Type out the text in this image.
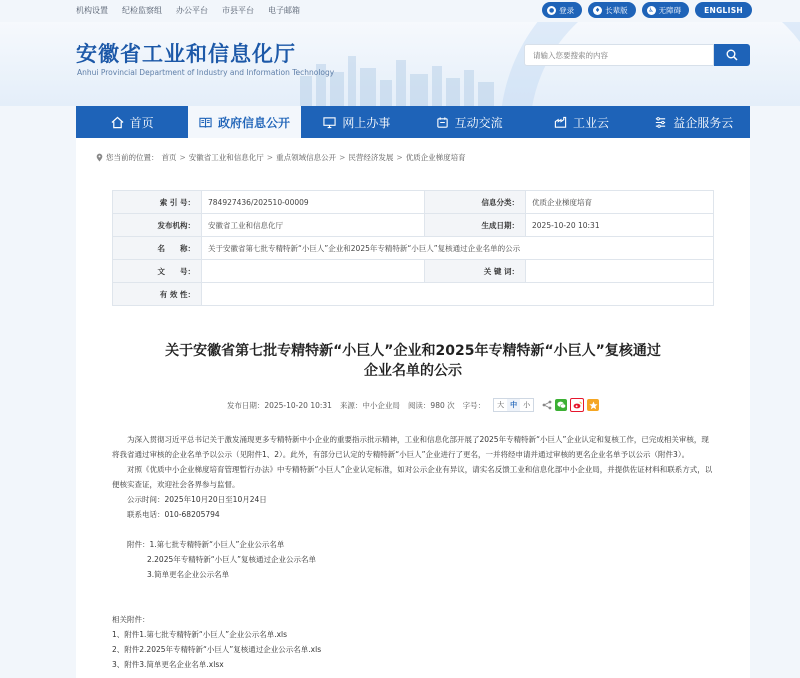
机构设置 纪检监察组 办公平台 市县平台 电子邮箱	● 登录	♦ 长辈版	♿ 无障碍	ENGLISH
安徽省工业和信息化厅
Anhui Provincial Department of Industry and Information Technology
请输入您要搜索的内容
首页	政府信息公开	网上办事	互动交流	工业云	益企服务云
您当前的位置： 首页 > 安徽省工业和信息化厅 > 重点领域信息公开 > 民营经济发展 > 优质企业梯度培育
索 引 号：	784927436/202510-00009	信息分类：	优质企业梯度培育
发布机构：	安徽省工业和信息化厅	生成日期：	2025-10-20 10:31
名　　称：	关于安徽省第七批专精特新“小巨人”企业和2025年专精特新“小巨人”复核通过企业名单的公示		
文　　号：		关 键 词：	
有 效 性：			
关于安徽省第七批专精特新“小巨人”企业和2025年专精特新“小巨人”复核通过
企业名单的公示
发布日期：2025-10-20 10:31 来源：中小企业局 阅读：980 次 字号：	大 中 小

为深入贯彻习近平总书记关于激发涌现更多专精特新中小企业的重要指示批示精神，工业和信息化部开展了2025年专精特新“小巨人”企业认定和复核工作，已完成相关审核，现将我省通过审核的企业名单予以公示（见附件1、2）。此外，有部分已认定的专精特新“小巨人”企业进行了更名，一并将经申请并通过审核的更名企业名单予以公示（附件3）。

对照《优质中小企业梯度培育管理暂行办法》中专精特新“小巨人”企业认定标准，如对公示企业有异议，请实名反馈工业和信息化部中小企业局，并提供佐证材料和联系方式，以便核实查证，欢迎社会各界参与监督。

公示时间：2025年10月20日至10月24日

联系电话：010-68205794

附件：1.第七批专精特新“小巨人”企业公示名单

2.2025年专精特新“小巨人”复核通过企业公示名单

3.简单更名企业公示名单

相关附件：
1、附件1.第七批专精特新“小巨人”企业公示名单.xls
2、附件2.2025年专精特新“小巨人”复核通过企业公示名单.xls
3、附件3.简单更名企业名单.xlsx
